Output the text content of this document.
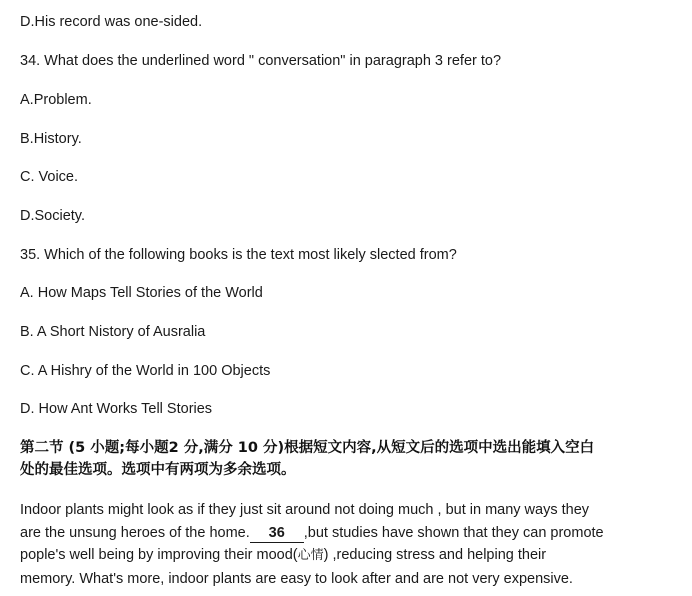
D.His record was one-sided.
34. What does the underlined word " conversation" in paragraph 3 refer to?
A.Problem.
B.History.
C. Voice.
D.Society.
35. Which of the following books is the text most likely slected from?
A. How Maps Tell Stories of the World
B. A Short Nistory of Ausralia
C. A Hishry of the World in 100 Objects
D. How Ant Works Tell Stories
第二节 (5 小题;每小题2 分,满分 10 分)根据短文内容,从短文后的选项中选出能填入空白
处的最佳选项。选项中有两项为多余选项。
Indoor plants might look as if they just sit around not doing much , but in many ways they
are the unsung heroes of the home. 36 ,but studies have shown that they can promote
pople's well being by improving their mood(心情) ,reducing stress and helping their
memory. What's more, indoor plants are easy to look after and are not very expensive.
